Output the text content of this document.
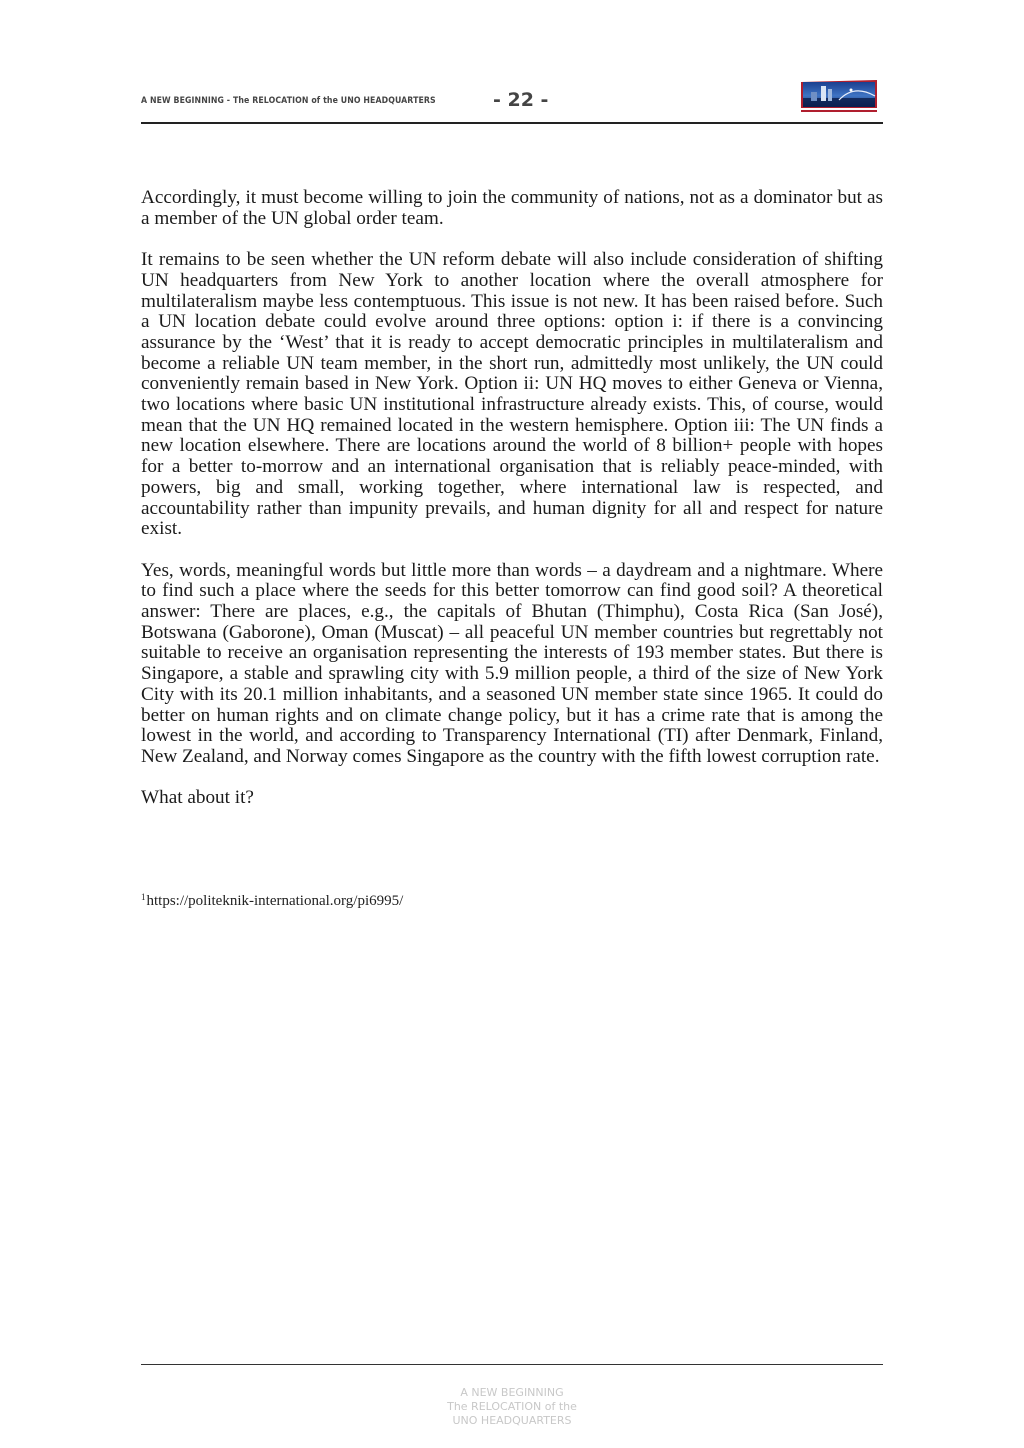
A NEW BEGINNING - The RELOCATION of the UNO HEADQUARTERS	- 22 -

Accordingly, it must become willing to join the community of nations, not as a dominator but as a member of the UN global order team.

It remains to be seen whether the UN reform debate will also include consideration of shifting UN headquarters from New York to another location where the overall atmosphere for multilateralism maybe less contemptuous. This issue is not new. It has been raised before. Such a UN location debate could evolve around three options: option i: if there is a convincing assurance by the ‘West’ that it is ready to accept democratic principles in multilateralism and become a reliable UN team member, in the short run, admittedly most unlikely, the UN could conveniently remain based in New York. Option ii: UN HQ moves to either Geneva or Vienna, two locations where basic UN institutional infrastructure already exists. This, of course, would mean that the UN HQ remained located in the western hemisphere. Option iii: The UN finds a new location elsewhere. There are locations around the world of 8 billion+ people with hopes for a better to-morrow and an international organisation that is reliably peace-minded, with powers, big and small, working together, where international law is respected, and accountability rather than impunity prevails, and human dignity for all and respect for nature exist.

Yes, words, meaningful words but little more than words – a daydream and a nightmare. Where to find such a place where the seeds for this better tomorrow can find good soil? A theoretical answer: There are places, e.g., the capitals of Bhutan (Thimphu), Costa Rica (San José), Botswana (Gaborone), Oman (Muscat) – all peaceful UN member countries but regrettably not suitable to receive an organisation representing the interests of 193 member states. But there is Singapore, a stable and sprawling city with 5.9 million people, a third of the size of New York City with its 20.1 million inhabitants, and a seasoned UN member state since 1965. It could do better on human rights and on climate change policy, but it has a crime rate that is among the lowest in the world, and according to Transparency International (TI) after Denmark, Finland, New Zealand, and Norway comes Singapore as the country with the fifth lowest corruption rate.

What about it?

$^1$https://politeknik-international.org/pi6995/
A NEW BEGINNING
The RELOCATION of the
UNO HEADQUARTERS
